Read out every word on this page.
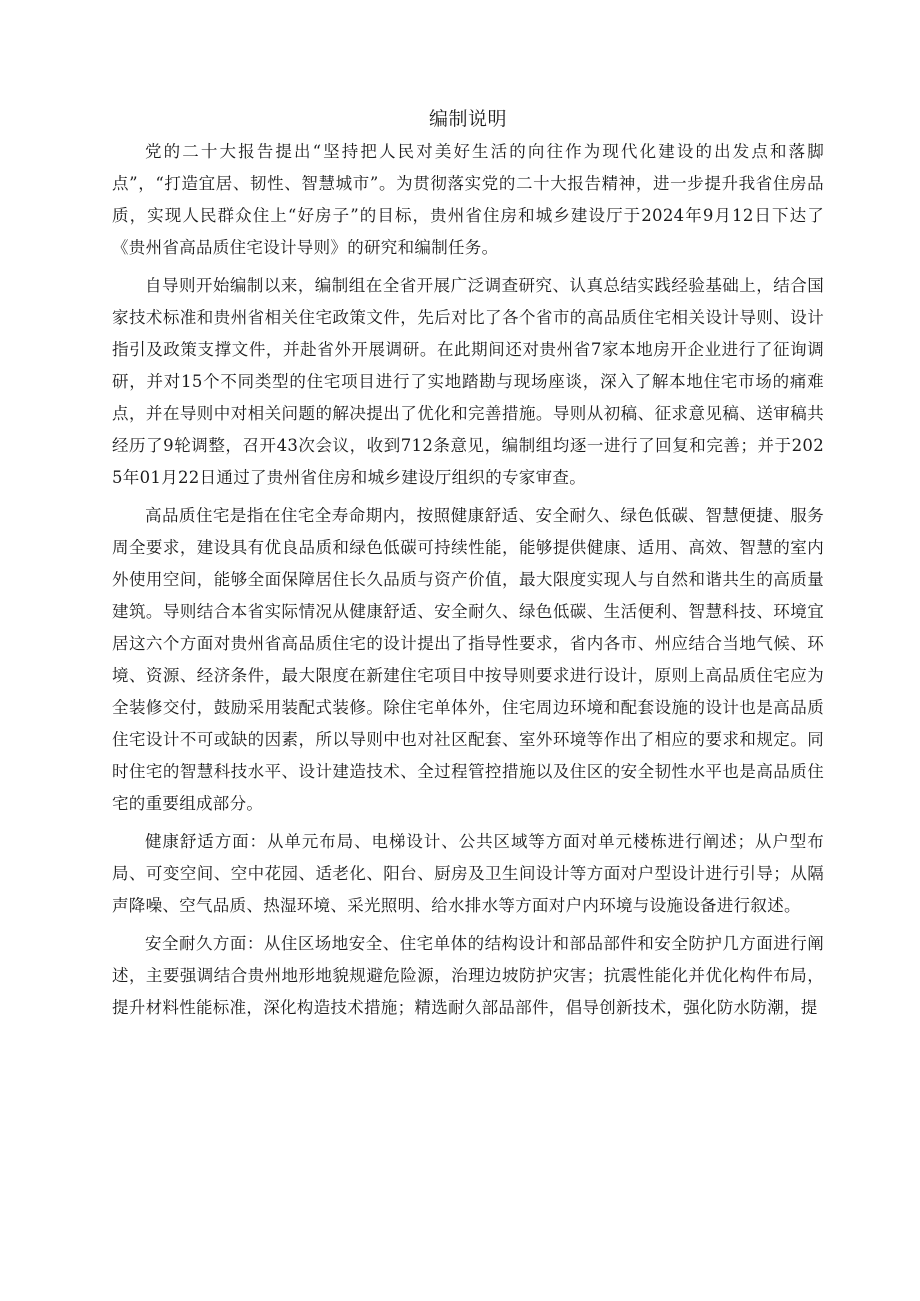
编制说明

党的二十大报告提出“坚持把人民对美好生活的向往作为现代化建设的出发点和落脚点”，“打造宜居、韧性、智慧城市”。为贯彻落实党的二十大报告精神，进一步提升我省住房品质，实现人民群众住上“好房子”的目标，贵州省住房和城乡建设厅于2024年9月12日下达了《贵州省高品质住宅设计导则》的研究和编制任务。

自导则开始编制以来，编制组在全省开展广泛调查研究、认真总结实践经验基础上，结合国家技术标准和贵州省相关住宅政策文件，先后对比了各个省市的高品质住宅相关设计导则、设计指引及政策支撑文件，并赴省外开展调研。在此期间还对贵州省7家本地房开企业进行了征询调研，并对15个不同类型的住宅项目进行了实地踏勘与现场座谈，深入了解本地住宅市场的痛难点，并在导则中对相关问题的解决提出了优化和完善措施。导则从初稿、征求意见稿、送审稿共经历了9轮调整，召开43次会议，收到712条意见，编制组均逐一进行了回复和完善；并于2025年01月22日通过了贵州省住房和城乡建设厅组织的专家审查。

高品质住宅是指在住宅全寿命期内，按照健康舒适、安全耐久、绿色低碳、智慧便捷、服务周全要求，建设具有优良品质和绿色低碳可持续性能，能够提供健康、适用、高效、智慧的室内外使用空间，能够全面保障居住长久品质与资产价值，最大限度实现人与自然和谐共生的高质量建筑。导则结合本省实际情况从健康舒适、安全耐久、绿色低碳、生活便利、智慧科技、环境宜居这六个方面对贵州省高品质住宅的设计提出了指导性要求，省内各市、州应结合当地气候、环境、资源、经济条件，最大限度在新建住宅项目中按导则要求进行设计，原则上高品质住宅应为全装修交付，鼓励采用装配式装修。除住宅单体外，住宅周边环境和配套设施的设计也是高品质住宅设计不可或缺的因素，所以导则中也对社区配套、室外环境等作出了相应的要求和规定。同时住宅的智慧科技水平、设计建造技术、全过程管控措施以及住区的安全韧性水平也是高品质住宅的重要组成部分。

健康舒适方面：从单元布局、电梯设计、公共区域等方面对单元楼栋进行阐述；从户型布局、可变空间、空中花园、适老化、阳台、厨房及卫生间设计等方面对户型设计进行引导；从隔声降噪、空气品质、热湿环境、采光照明、给水排水等方面对户内环境与设施设备进行叙述。

安全耐久方面：从住区场地安全、住宅单体的结构设计和部品部件和安全防护几方面进行阐述，主要强调结合贵州地形地貌规避危险源，治理边坡防护灾害；抗震性能化并优化构件布局，提升材料性能标准，深化构造技术措施；精选耐久部品部件，倡导创新技术，强化防水防潮，提
